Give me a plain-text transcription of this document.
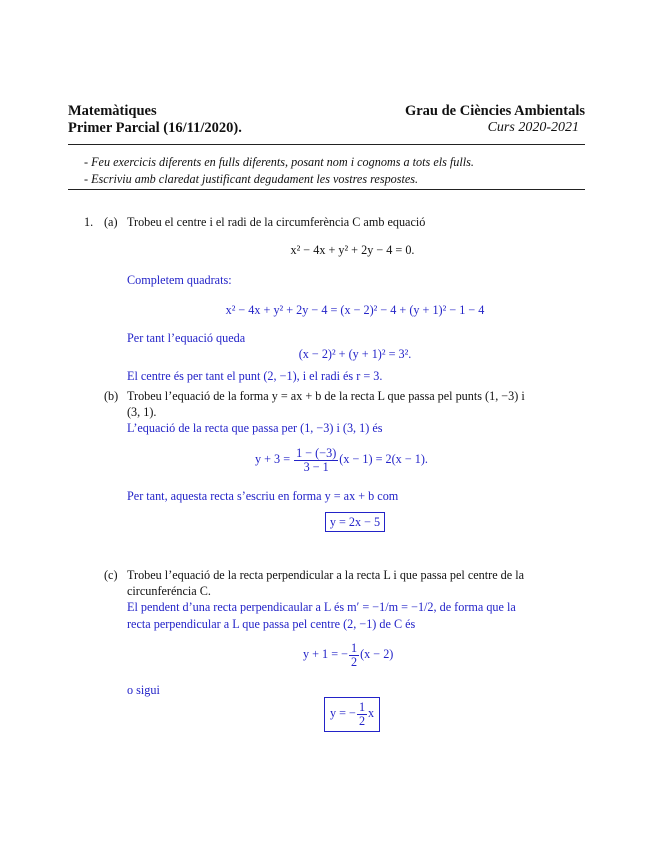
Matemàtiques
Primer Parcial (16/11/2020).
Grau de Ciències Ambientals
Curs 2020-2021
- Feu exercicis diferents en fulls diferents, posant nom i cognoms a tots els fulls.
- Escriviu amb claredat justificant degudament les vostres respostes.
1. (a) Trobeu el centre i el radi de la circumferència C amb equació
x² − 4x + y² + 2y − 4 = 0.
Completem quadrats:
x² − 4x + y² + 2y − 4 = (x − 2)² − 4 + (y + 1)² − 1 − 4
Per tant l’equació queda
(x − 2)² + (y + 1)² = 3².
El centre és per tant el punt (2, −1), i el radi és r = 3.
(b) Trobeu l’equació de la forma y = ax + b de la recta L que passa pel punts (1, −3) i
(3, 1).
L’equació de la recta que passa per (1, −3) i (3, 1) és
$y + 3 = \frac{1 - (-3)}{3 - 1} (x - 1) = 2(x - 1)$.
Per tant, aquesta recta s’escriu en forma y = ax + b com
y = 2x − 5
(c) Trobeu l’equació de la recta perpendicular a la recta L i que passa pel centre de la
circunferéncia C.
El pendent d’una recta perpendicaular a L és m′ = −1/m = −1/2, de forma que la
recta perpendicular a L que passa pel centre (2, −1) de C és
y + 1 = − $\frac{1}{2} (x - 2)$
o sigui
y = − $\frac{1}{2}$ x
